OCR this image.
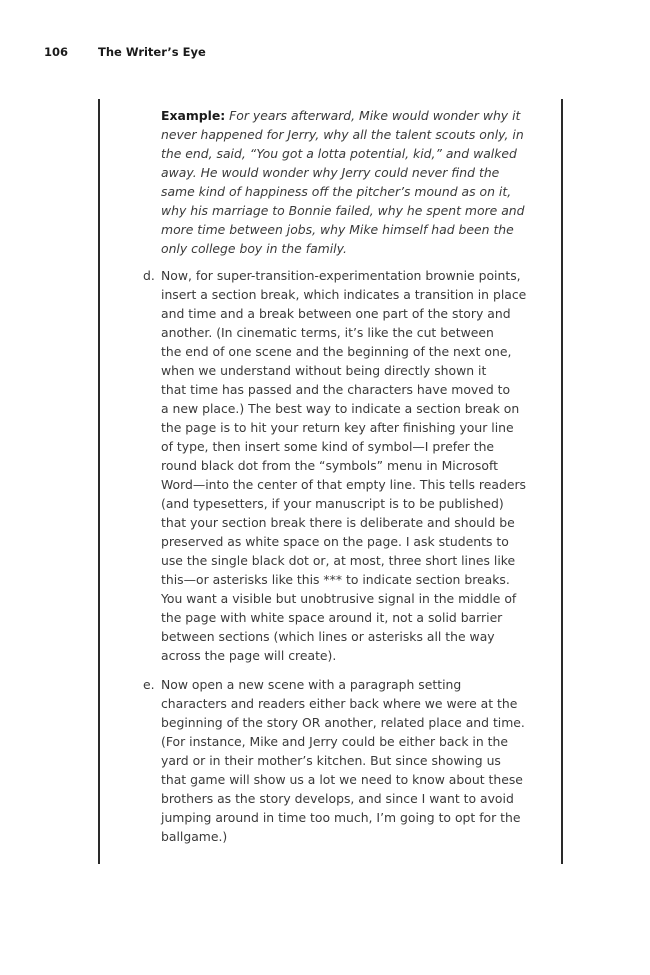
106	The Writer’s Eye
Example: For years afterward, Mike would wonder why it
never happened for Jerry, why all the talent scouts only, in
the end, said, “You got a lotta potential, kid,” and walked
away. He would wonder why Jerry could never find the
same kind of happiness off the pitcher’s mound as on it,
why his marriage to Bonnie failed, why he spent more and
more time between jobs, why Mike himself had been the
only college boy in the family.
d. Now, for super-transition-experimentation brownie points,
insert a section break, which indicates a transition in place
and time and a break between one part of the story and
another. (In cinematic terms, it’s like the cut between
the end of one scene and the beginning of the next one,
when we understand without being directly shown it
that time has passed and the characters have moved to
a new place.) The best way to indicate a section break on
the page is to hit your return key after finishing your line
of type, then insert some kind of symbol—I prefer the
round black dot from the “symbols” menu in Microsoft
Word—into the center of that empty line. This tells readers
(and typesetters, if your manuscript is to be published)
that your section break there is deliberate and should be
preserved as white space on the page. I ask students to
use the single black dot or, at most, three short lines like
this—or asterisks like this *** to indicate section breaks.
You want a visible but unobtrusive signal in the middle of
the page with white space around it, not a solid barrier
between sections (which lines or asterisks all the way
across the page will create).
e. Now open a new scene with a paragraph setting
characters and readers either back where we were at the
beginning of the story OR another, related place and time.
(For instance, Mike and Jerry could be either back in the
yard or in their mother’s kitchen. But since showing us
that game will show us a lot we need to know about these
brothers as the story develops, and since I want to avoid
jumping around in time too much, I’m going to opt for the
ballgame.)
